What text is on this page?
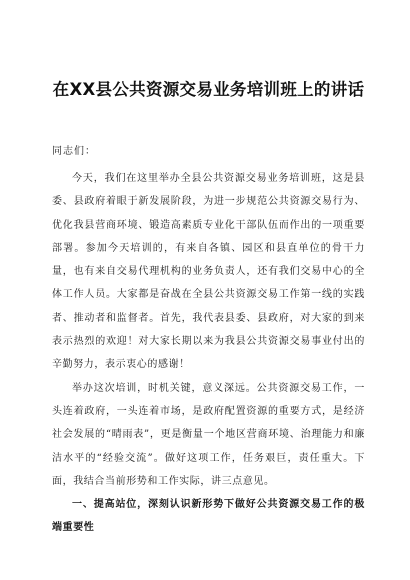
在XX县公共资源交易业务培训班上的讲话

同志们：

今天，我们在这里举办全县公共资源交易业务培训班，这是县委、县政府着眼于新发展阶段，为进一步规范公共资源交易行为、优化我县营商环境、锻造高素质专业化干部队伍而作出的一项重要部署。参加今天培训的，有来自各镇、园区和县直单位的骨干力量，也有来自交易代理机构的业务负责人，还有我们交易中心的全体工作人员。大家都是奋战在全县公共资源交易工作第一线的实践者、推动者和监督者。首先，我代表县委、县政府，对大家的到来表示热烈的欢迎！对大家长期以来为我县公共资源交易事业付出的辛勤努力，表示衷心的感谢！

举办这次培训，时机关键，意义深远。公共资源交易工作，一头连着政府，一头连着市场，是政府配置资源的重要方式，是经济社会发展的“晴雨表”，更是衡量一个地区营商环境、治理能力和廉洁水平的“经验交流”。做好这项工作，任务艰巨，责任重大。下面，我结合当前形势和工作实际，讲三点意见。

一、提高站位，深刻认识新形势下做好公共资源交易工作的极端重要性
